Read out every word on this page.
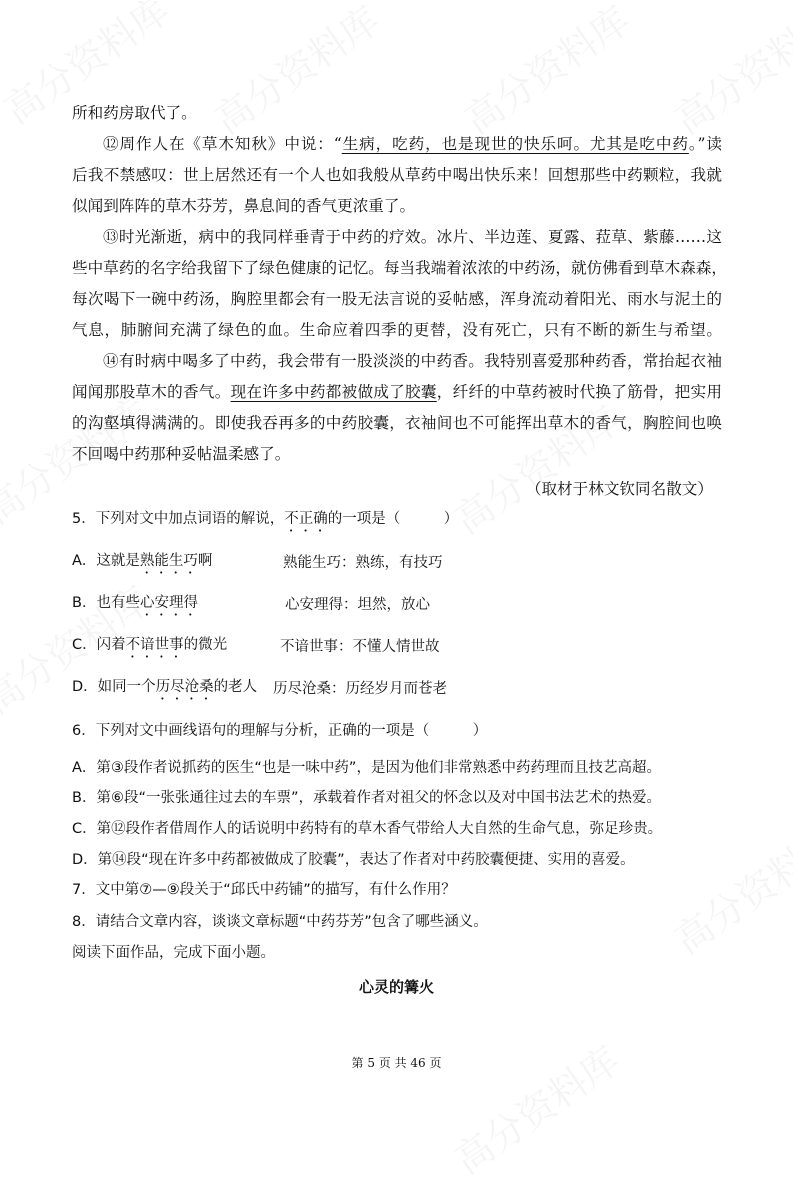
所和药房取代了。
⑫周作人在《草木知秋》中说：“生病，吃药，也是现世的快乐呵。尤其是吃中药。”读
后我不禁感叹：世上居然还有一个人也如我般从草药中喝出快乐来！回想那些中药颗粒，我就
似闻到阵阵的草木芬芳，鼻息间的香气更浓重了。
⑬时光渐逝，病中的我同样垂青于中药的疗效。冰片、半边莲、夏露、菈草、紫藤……这
些中草药的名字给我留下了绿色健康的记忆。每当我端着浓浓的中药汤，就仿佛看到草木森森，
每次喝下一碗中药汤，胸腔里都会有一股无法言说的妥帖感，浑身流动着阳光、雨水与泥土的
气息，肺腑间充满了绿色的血。生命应着四季的更替，没有死亡，只有不断的新生与希望。
⑭有时病中喝多了中药，我会带有一股淡淡的中药香。我特别喜爱那种药香，常抬起衣袖
闻闻那股草木的香气。现在许多中药都被做成了胶囊，纤纤的中草药被时代换了筋骨，把实用
的沟壑填得满满的。即使我吞再多的中药胶囊，衣袖间也不可能挥出草木的香气，胸腔间也唤
不回喝中药那种妥帖温柔感了。
（取材于林文钦同名散文）
5．下列对文中加点词语的解说，不正确的一项是（　　　）
A．这就是熟能生巧啊	熟能生巧：熟练，有技巧
B．也有些心安理得	心安理得：坦然，放心
C．闪着不谙世事的微光	不谙世事：不懂人情世故
D．如同一个历尽沧桑的老人 历尽沧桑：历经岁月而苍老
6．下列对文中画线语句的理解与分析，正确的一项是（　　　）
A．第③段作者说抓药的医生“也是一味中药”，是因为他们非常熟悉中药药理而且技艺高超。
B．第⑥段“一张张通往过去的车票”，承载着作者对祖父的怀念以及对中国书法艺术的热爱。
C．第⑫段作者借周作人的话说明中药特有的草木香气带给人大自然的生命气息，弥足珍贵。
D．第⑭段“现在许多中药都被做成了胶囊”，表达了作者对中药胶囊便捷、实用的喜爱。
7．文中第⑦—⑨段关于“邱氏中药铺”的描写，有什么作用？
8．请结合文章内容，谈谈文章标题“中药芬芳”包含了哪些涵义。
阅读下面作品，完成下面小题。
心灵的篝火
第 5 页 共 46 页
